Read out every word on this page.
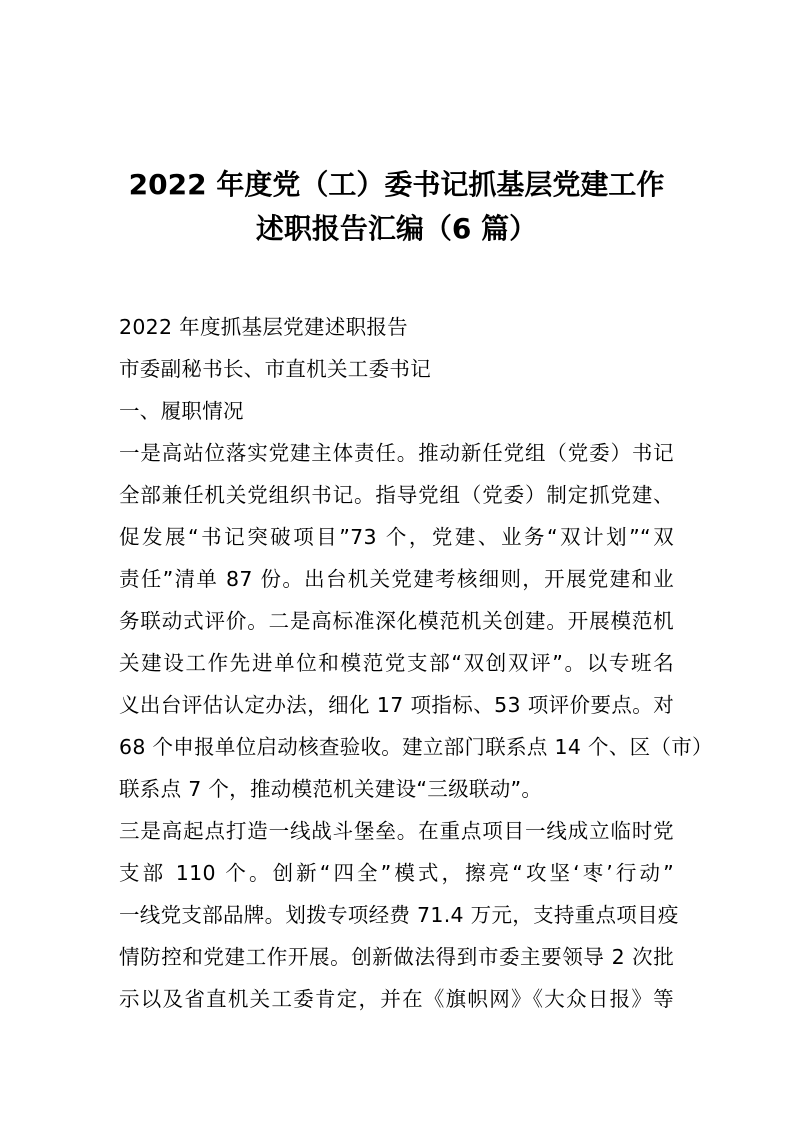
2022 年度党（工）委书记抓基层党建工作
述职报告汇编（6 篇）
2022 年度抓基层党建述职报告
市委副秘书长、市直机关工委书记
一、履职情况
一是高站位落实党建主体责任。推动新任党组（党委）书记
全部兼任机关党组织书记。指导党组（党委）制定抓党建、
促发展“书记突破项目”73 个，党建、业务“双计划”“双
责任”清单 87 份。出台机关党建考核细则，开展党建和业
务联动式评价。二是高标准深化模范机关创建。开展模范机
关建设工作先进单位和模范党支部“双创双评”。以专班名
义出台评估认定办法，细化 17 项指标、53 项评价要点。对
68 个申报单位启动核查验收。建立部门联系点 14 个、区（市）
联系点 7 个，推动模范机关建设“三级联动”。
三是高起点打造一线战斗堡垒。在重点项目一线成立临时党
支部 110 个。创新“四全”模式，擦亮“攻坚‘枣’行动”
一线党支部品牌。划拨专项经费 71.4 万元，支持重点项目疫
情防控和党建工作开展。创新做法得到市委主要领导 2 次批
示以及省直机关工委肯定，并在《旗帜网》《大众日报》等
